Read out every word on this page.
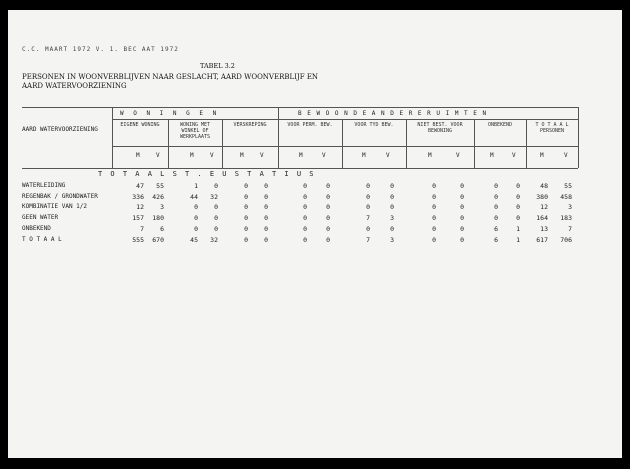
C.C. MAART 1972 V. 1. BEC AAT 1972
TABEL 3.2
PERSONEN IN WOONVERBLIJVEN NAAR GESLACHT, AARD WOONVERBLIJF EN
AARD WATERVOORZIENING
AARD WATERVOORZIENING
W O N I N G E N	B E W O O N D E A N D E R E R U I M T E N
EIGENE WONING	WONING MET WINKEL OF WERKPLAATS
VERSKREPING	VOOR PERM. BEW.	VOOR TYD BEW.	NIET BEST. VOOR BEWONING
ONBEKEND	T O T A A L PERSONEN
M	V	M	V	M	V	M	V	M	V	M	V	M	V	M	V
T O T A A L S T . E U S T A T I U S
WATERLEIDING	47	55	1	0	0	0	0	0	0	0	0	0	0	0	48	55
REGENBAK / GRONDWATER	336	426	44	32	0	0	0	0	0	0	0	0	0	0	380	458
KOMBINATIE VAN 1/2	12	3	0	0	0	0	0	0	0	0	0	0	0	0	12	3
GEEN WATER	157	180	0	0	0	0	0	0	7	3	0	0	0	0	164	183
ONBEKEND	7	6	0	0	0	0	0	0	0	0	0	0	6	1	13	7
T O T A A L	555	670	45	32	0	0	0	0	7	3	0	0	6	1	617	706
